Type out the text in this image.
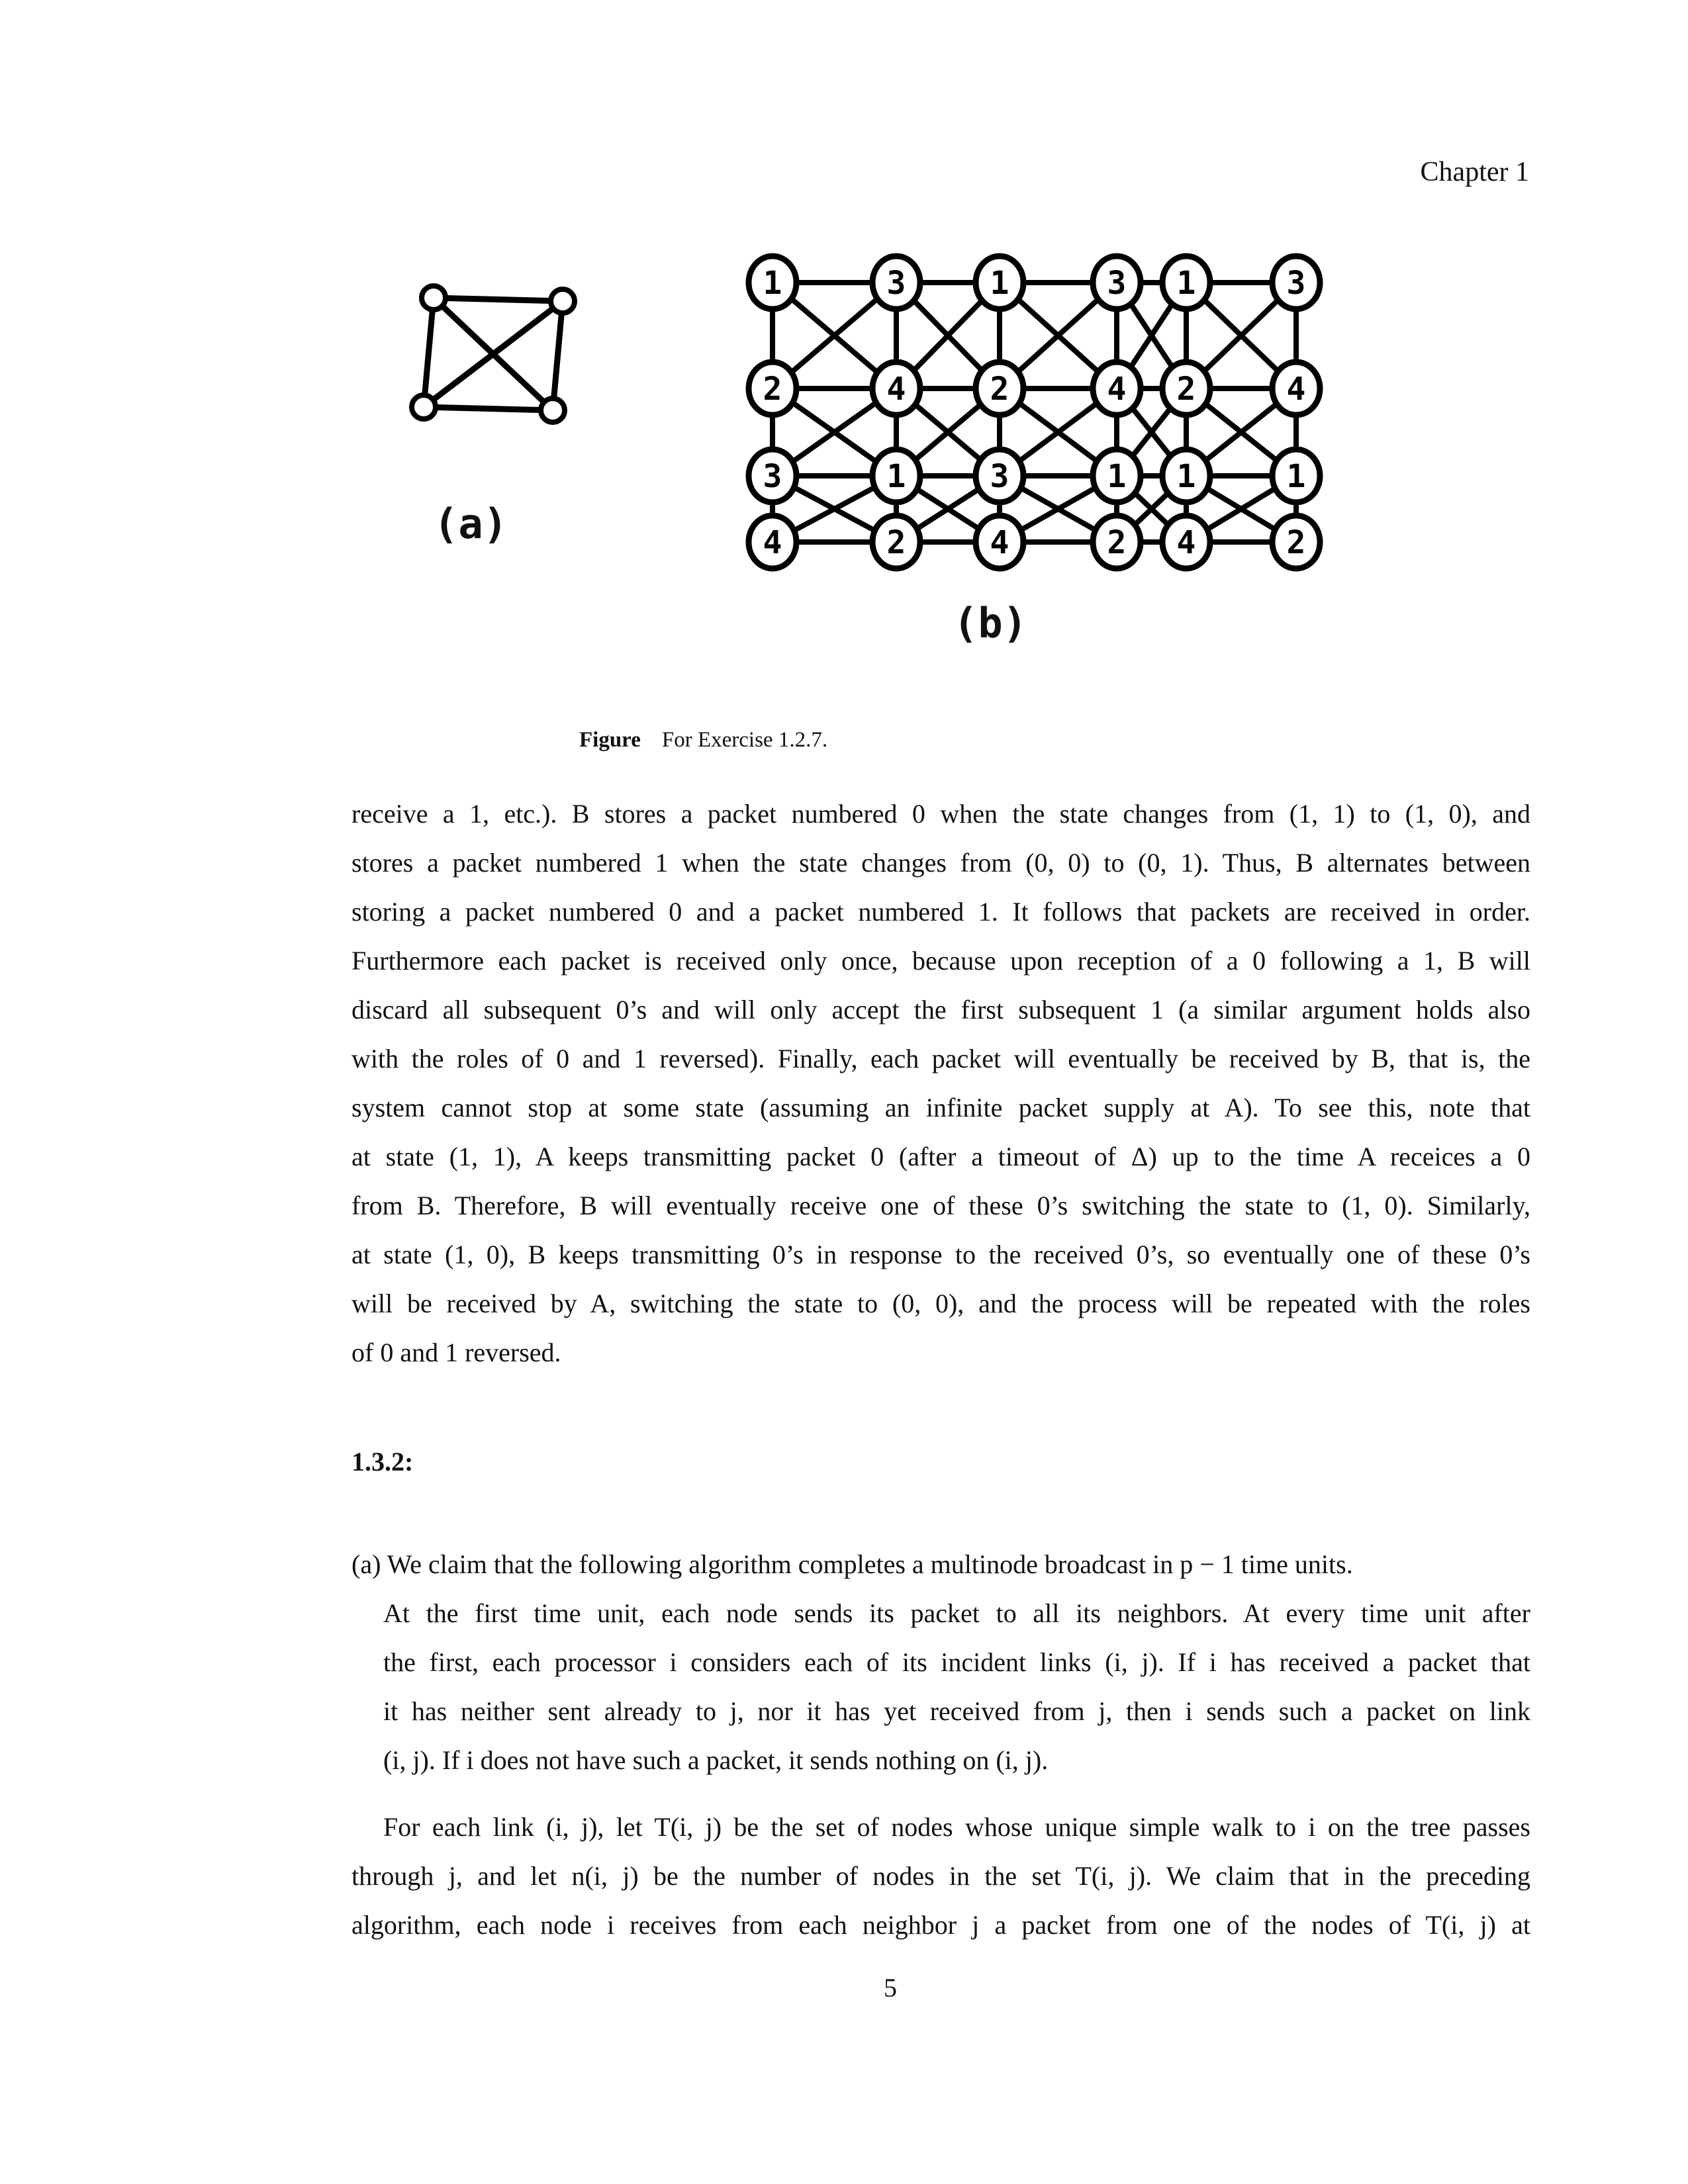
Chapter 1
(a)
1	3	1	3 1	3
2	4	2	4 2	4
3	1	3	1 1	1
4	2	4	2 4	2
(b)
Figure For Exercise 1.2.7.
receive a 1, etc.). B stores a packet numbered 0 when the state changes from (1, 1) to (1, 0), and
stores a packet numbered 1 when the state changes from (0, 0) to (0, 1). Thus, B alternates between
storing a packet numbered 0 and a packet numbered 1. It follows that packets are received in order.
Furthermore each packet is received only once, because upon reception of a 0 following a 1, B will
discard all subsequent 0’s and will only accept the first subsequent 1 (a similar argument holds also
with the roles of 0 and 1 reversed). Finally, each packet will eventually be received by B, that is, the
system cannot stop at some state (assuming an infinite packet supply at A). To see this, note that
at state (1, 1), A keeps transmitting packet 0 (after a timeout of Δ) up to the time A receices a 0
from B. Therefore, B will eventually receive one of these 0’s switching the state to (1, 0). Similarly,
at state (1, 0), B keeps transmitting 0’s in response to the received 0’s, so eventually one of these 0’s
will be received by A, switching the state to (0, 0), and the process will be repeated with the roles
of 0 and 1 reversed.
1.3.2:
(a) We claim that the following algorithm completes a multinode broadcast in p − 1 time units.
At the first time unit, each node sends its packet to all its neighbors. At every time unit after
the first, each processor i considers each of its incident links (i, j). If i has received a packet that
it has neither sent already to j, nor it has yet received from j, then i sends such a packet on link
(i, j). If i does not have such a packet, it sends nothing on (i, j).
For each link (i, j), let T(i, j) be the set of nodes whose unique simple walk to i on the tree passes
through j, and let n(i, j) be the number of nodes in the set T(i, j). We claim that in the preceding
algorithm, each node i receives from each neighbor j a packet from one of the nodes of T(i, j) at
5
